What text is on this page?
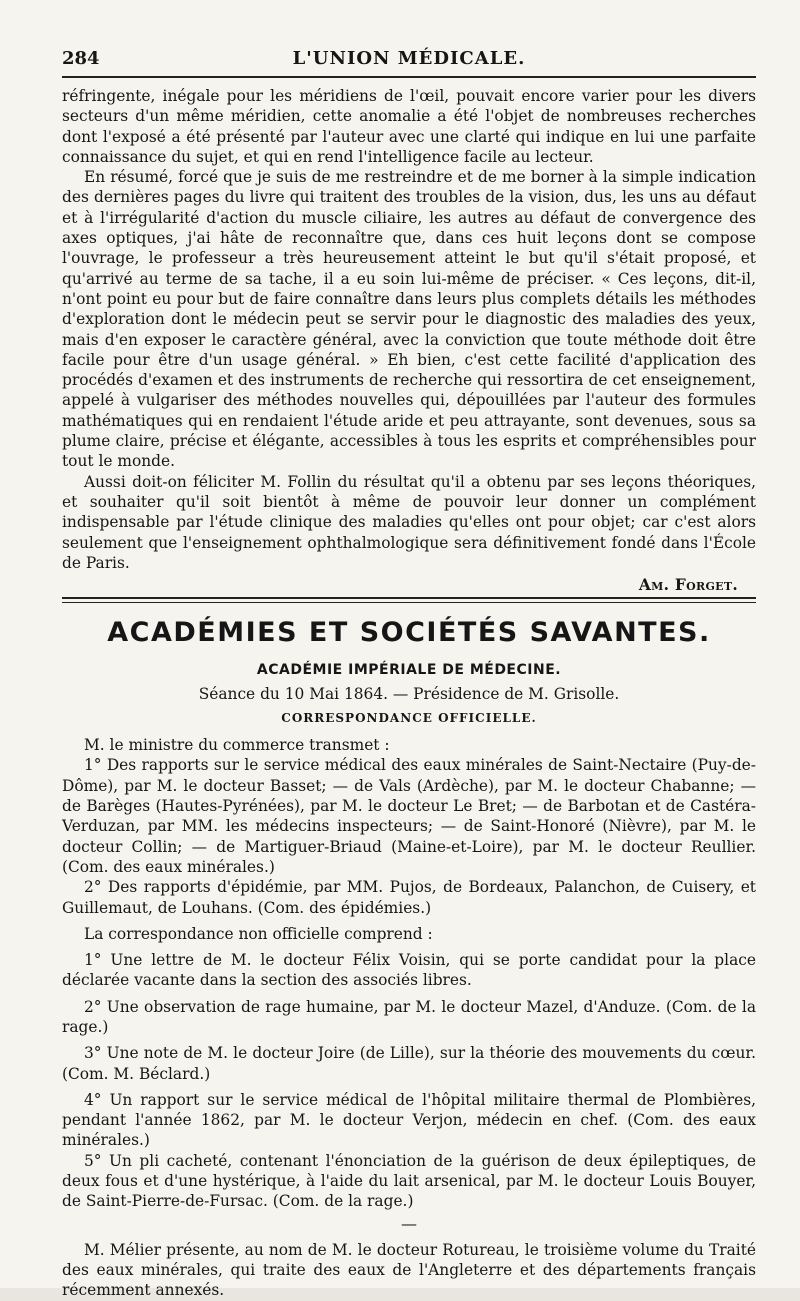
284	L'UNION MÉDICALE.

réfringente, inégale pour les méridiens de l'œil, pouvait encore varier pour les divers secteurs d'un même méridien, cette anomalie a été l'objet de nombreuses recherches dont l'exposé a été présenté par l'auteur avec une clarté qui indique en lui une parfaite connaissance du sujet, et qui en rend l'intelligence facile au lecteur.

En résumé, forcé que je suis de me restreindre et de me borner à la simple indication des dernières pages du livre qui traitent des troubles de la vision, dus, les uns au défaut et à l'irrégularité d'action du muscle ciliaire, les autres au défaut de convergence des axes optiques, j'ai hâte de reconnaître que, dans ces huit leçons dont se compose l'ouvrage, le professeur a très heureusement atteint le but qu'il s'était proposé, et qu'arrivé au terme de sa tache, il a eu soin lui-même de préciser. « Ces leçons, dit-il, n'ont point eu pour but de faire connaître dans leurs plus complets détails les méthodes d'exploration dont le médecin peut se servir pour le diagnostic des maladies des yeux, mais d'en exposer le caractère général, avec la conviction que toute méthode doit être facile pour être d'un usage général. » Eh bien, c'est cette facilité d'application des procédés d'examen et des instruments de recherche qui ressortira de cet enseignement, appelé à vulgariser des méthodes nouvelles qui, dépouillées par l'auteur des formules mathématiques qui en rendaient l'étude aride et peu attrayante, sont devenues, sous sa plume claire, précise et élégante, accessibles à tous les esprits et compréhensibles pour tout le monde.

Aussi doit-on féliciter M. Follin du résultat qu'il a obtenu par ses leçons théoriques, et souhaiter qu'il soit bientôt à même de pouvoir leur donner un complément indispensable par l'étude clinique des maladies qu'elles ont pour objet; car c'est alors seulement que l'enseignement ophthalmologique sera définitivement fondé dans l'École de Paris.

Am. Forget.
ACADÉMIES ET SOCIÉTÉS SAVANTES.
ACADÉMIE IMPÉRIALE DE MÉDECINE.
Séance du 10 Mai 1864. — Présidence de M. Grisolle.
CORRESPONDANCE OFFICIELLE.

M. le ministre du commerce transmet :

1° Des rapports sur le service médical des eaux minérales de Saint-Nectaire (Puy-de-Dôme), par M. le docteur Basset; — de Vals (Ardèche), par M. le docteur Chabanne; — de Barèges (Hautes-Pyrénées), par M. le docteur Le Bret; — de Barbotan et de Castéra-Verduzan, par MM. les médecins inspecteurs; — de Saint-Honoré (Nièvre), par M. le docteur Collin; — de Martiguer-Briaud (Maine-et-Loire), par M. le docteur Reullier. (Com. des eaux minérales.)

2° Des rapports d'épidémie, par MM. Pujos, de Bordeaux, Palanchon, de Cuisery, et Guillemaut, de Louhans. (Com. des épidémies.)

La correspondance non officielle comprend :

1° Une lettre de M. le docteur Félix Voisin, qui se porte candidat pour la place déclarée vacante dans la section des associés libres.

2° Une observation de rage humaine, par M. le docteur Mazel, d'Anduze. (Com. de la rage.)

3° Une note de M. le docteur Joire (de Lille), sur la théorie des mouvements du cœur. (Com. M. Béclard.)

4° Un rapport sur le service médical de l'hôpital militaire thermal de Plombières, pendant l'année 1862, par M. le docteur Verjon, médecin en chef. (Com. des eaux minérales.)

5° Un pli cacheté, contenant l'énonciation de la guérison de deux épileptiques, de deux fous et d'une hystérique, à l'aide du lait arsenical, par M. le docteur Louis Bouyer, de Saint-Pierre-de-Fursac. (Com. de la rage.)

—

M. Mélier présente, au nom de M. le docteur Rotureau, le troisième volume du Traité des eaux minérales, qui traite des eaux de l'Angleterre et des départements français récemment annexés.
